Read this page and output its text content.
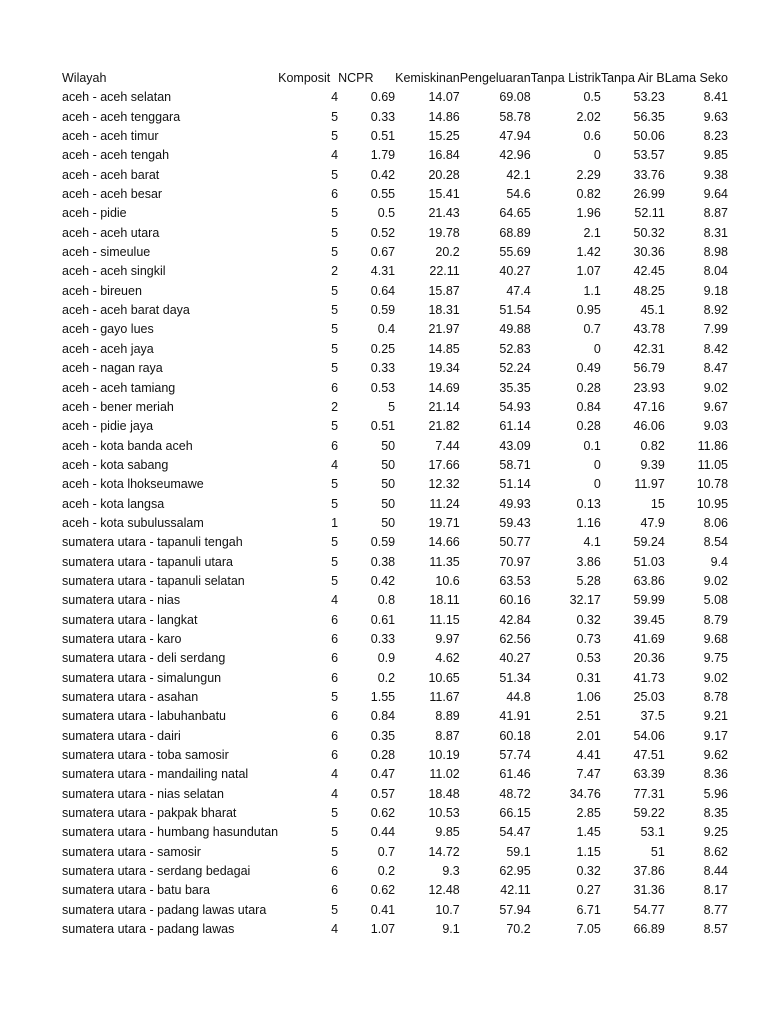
Wilayah	Komposit	NCPR	Kemiskinan	Pengeluaran	Tanpa Listrik	Tanpa Air B	Lama Seko
aceh - aceh selatan	4	0.69	14.07	69.08	0.5	53.23	8.41
aceh - aceh tenggara	5	0.33	14.86	58.78	2.02	56.35	9.63
aceh - aceh timur	5	0.51	15.25	47.94	0.6	50.06	8.23
aceh - aceh tengah	4	1.79	16.84	42.96	0	53.57	9.85
aceh - aceh barat	5	0.42	20.28	42.1	2.29	33.76	9.38
aceh - aceh besar	6	0.55	15.41	54.6	0.82	26.99	9.64
aceh - pidie	5	0.5	21.43	64.65	1.96	52.11	8.87
aceh - aceh utara	5	0.52	19.78	68.89	2.1	50.32	8.31
aceh - simeulue	5	0.67	20.2	55.69	1.42	30.36	8.98
aceh - aceh singkil	2	4.31	22.11	40.27	1.07	42.45	8.04
aceh - bireuen	5	0.64	15.87	47.4	1.1	48.25	9.18
aceh - aceh barat daya	5	0.59	18.31	51.54	0.95	45.1	8.92
aceh - gayo lues	5	0.4	21.97	49.88	0.7	43.78	7.99
aceh - aceh jaya	5	0.25	14.85	52.83	0	42.31	8.42
aceh - nagan raya	5	0.33	19.34	52.24	0.49	56.79	8.47
aceh - aceh tamiang	6	0.53	14.69	35.35	0.28	23.93	9.02
aceh - bener meriah	2	5	21.14	54.93	0.84	47.16	9.67
aceh - pidie jaya	5	0.51	21.82	61.14	0.28	46.06	9.03
aceh - kota banda aceh	6	50	7.44	43.09	0.1	0.82	11.86
aceh - kota sabang	4	50	17.66	58.71	0	9.39	11.05
aceh - kota lhokseumawe	5	50	12.32	51.14	0	11.97	10.78
aceh - kota langsa	5	50	11.24	49.93	0.13	15	10.95
aceh - kota subulussalam	1	50	19.71	59.43	1.16	47.9	8.06
sumatera utara - tapanuli tengah	5	0.59	14.66	50.77	4.1	59.24	8.54
sumatera utara - tapanuli utara	5	0.38	11.35	70.97	3.86	51.03	9.4
sumatera utara - tapanuli selatan	5	0.42	10.6	63.53	5.28	63.86	9.02
sumatera utara - nias	4	0.8	18.11	60.16	32.17	59.99	5.08
sumatera utara - langkat	6	0.61	11.15	42.84	0.32	39.45	8.79
sumatera utara - karo	6	0.33	9.97	62.56	0.73	41.69	9.68
sumatera utara - deli serdang	6	0.9	4.62	40.27	0.53	20.36	9.75
sumatera utara - simalungun	6	0.2	10.65	51.34	0.31	41.73	9.02
sumatera utara - asahan	5	1.55	11.67	44.8	1.06	25.03	8.78
sumatera utara - labuhanbatu	6	0.84	8.89	41.91	2.51	37.5	9.21
sumatera utara - dairi	6	0.35	8.87	60.18	2.01	54.06	9.17
sumatera utara - toba samosir	6	0.28	10.19	57.74	4.41	47.51	9.62
sumatera utara - mandailing natal	4	0.47	11.02	61.46	7.47	63.39	8.36
sumatera utara - nias selatan	4	0.57	18.48	48.72	34.76	77.31	5.96
sumatera utara - pakpak bharat	5	0.62	10.53	66.15	2.85	59.22	8.35
sumatera utara - humbang hasundutan	5	0.44	9.85	54.47	1.45	53.1	9.25
sumatera utara - samosir	5	0.7	14.72	59.1	1.15	51	8.62
sumatera utara - serdang bedagai	6	0.2	9.3	62.95	0.32	37.86	8.44
sumatera utara - batu bara	6	0.62	12.48	42.11	0.27	31.36	8.17
sumatera utara - padang lawas utara	5	0.41	10.7	57.94	6.71	54.77	8.77
sumatera utara - padang lawas	4	1.07	9.1	70.2	7.05	66.89	8.57
